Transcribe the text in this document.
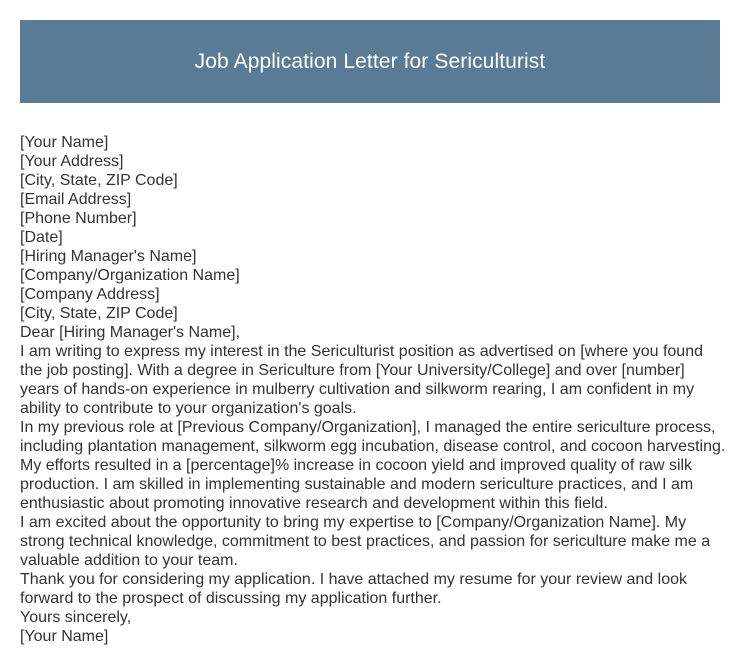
Job Application Letter for Sericulturist

[Your Name]

[Your Address]

[City, State, ZIP Code]

[Email Address]

[Phone Number]

[Date]

[Hiring Manager's Name]

[Company/Organization Name]

[Company Address]

[City, State, ZIP Code]

Dear [Hiring Manager's Name],

I am writing to express my interest in the Sericulturist position as advertised on [where you found the job posting]. With a degree in Sericulture from [Your University/College] and over [number] years of hands-on experience in mulberry cultivation and silkworm rearing, I am confident in my ability to contribute to your organization's goals.

In my previous role at [Previous Company/Organization], I managed the entire sericulture process, including plantation management, silkworm egg incubation, disease control, and cocoon harvesting. My efforts resulted in a [percentage]% increase in cocoon yield and improved quality of raw silk production. I am skilled in implementing sustainable and modern sericulture practices, and I am enthusiastic about promoting innovative research and development within this field.

I am excited about the opportunity to bring my expertise to [Company/Organization Name]. My strong technical knowledge, commitment to best practices, and passion for sericulture make me a valuable addition to your team.

Thank you for considering my application. I have attached my resume for your review and look forward to the prospect of discussing my application further.

Yours sincerely,

[Your Name]
